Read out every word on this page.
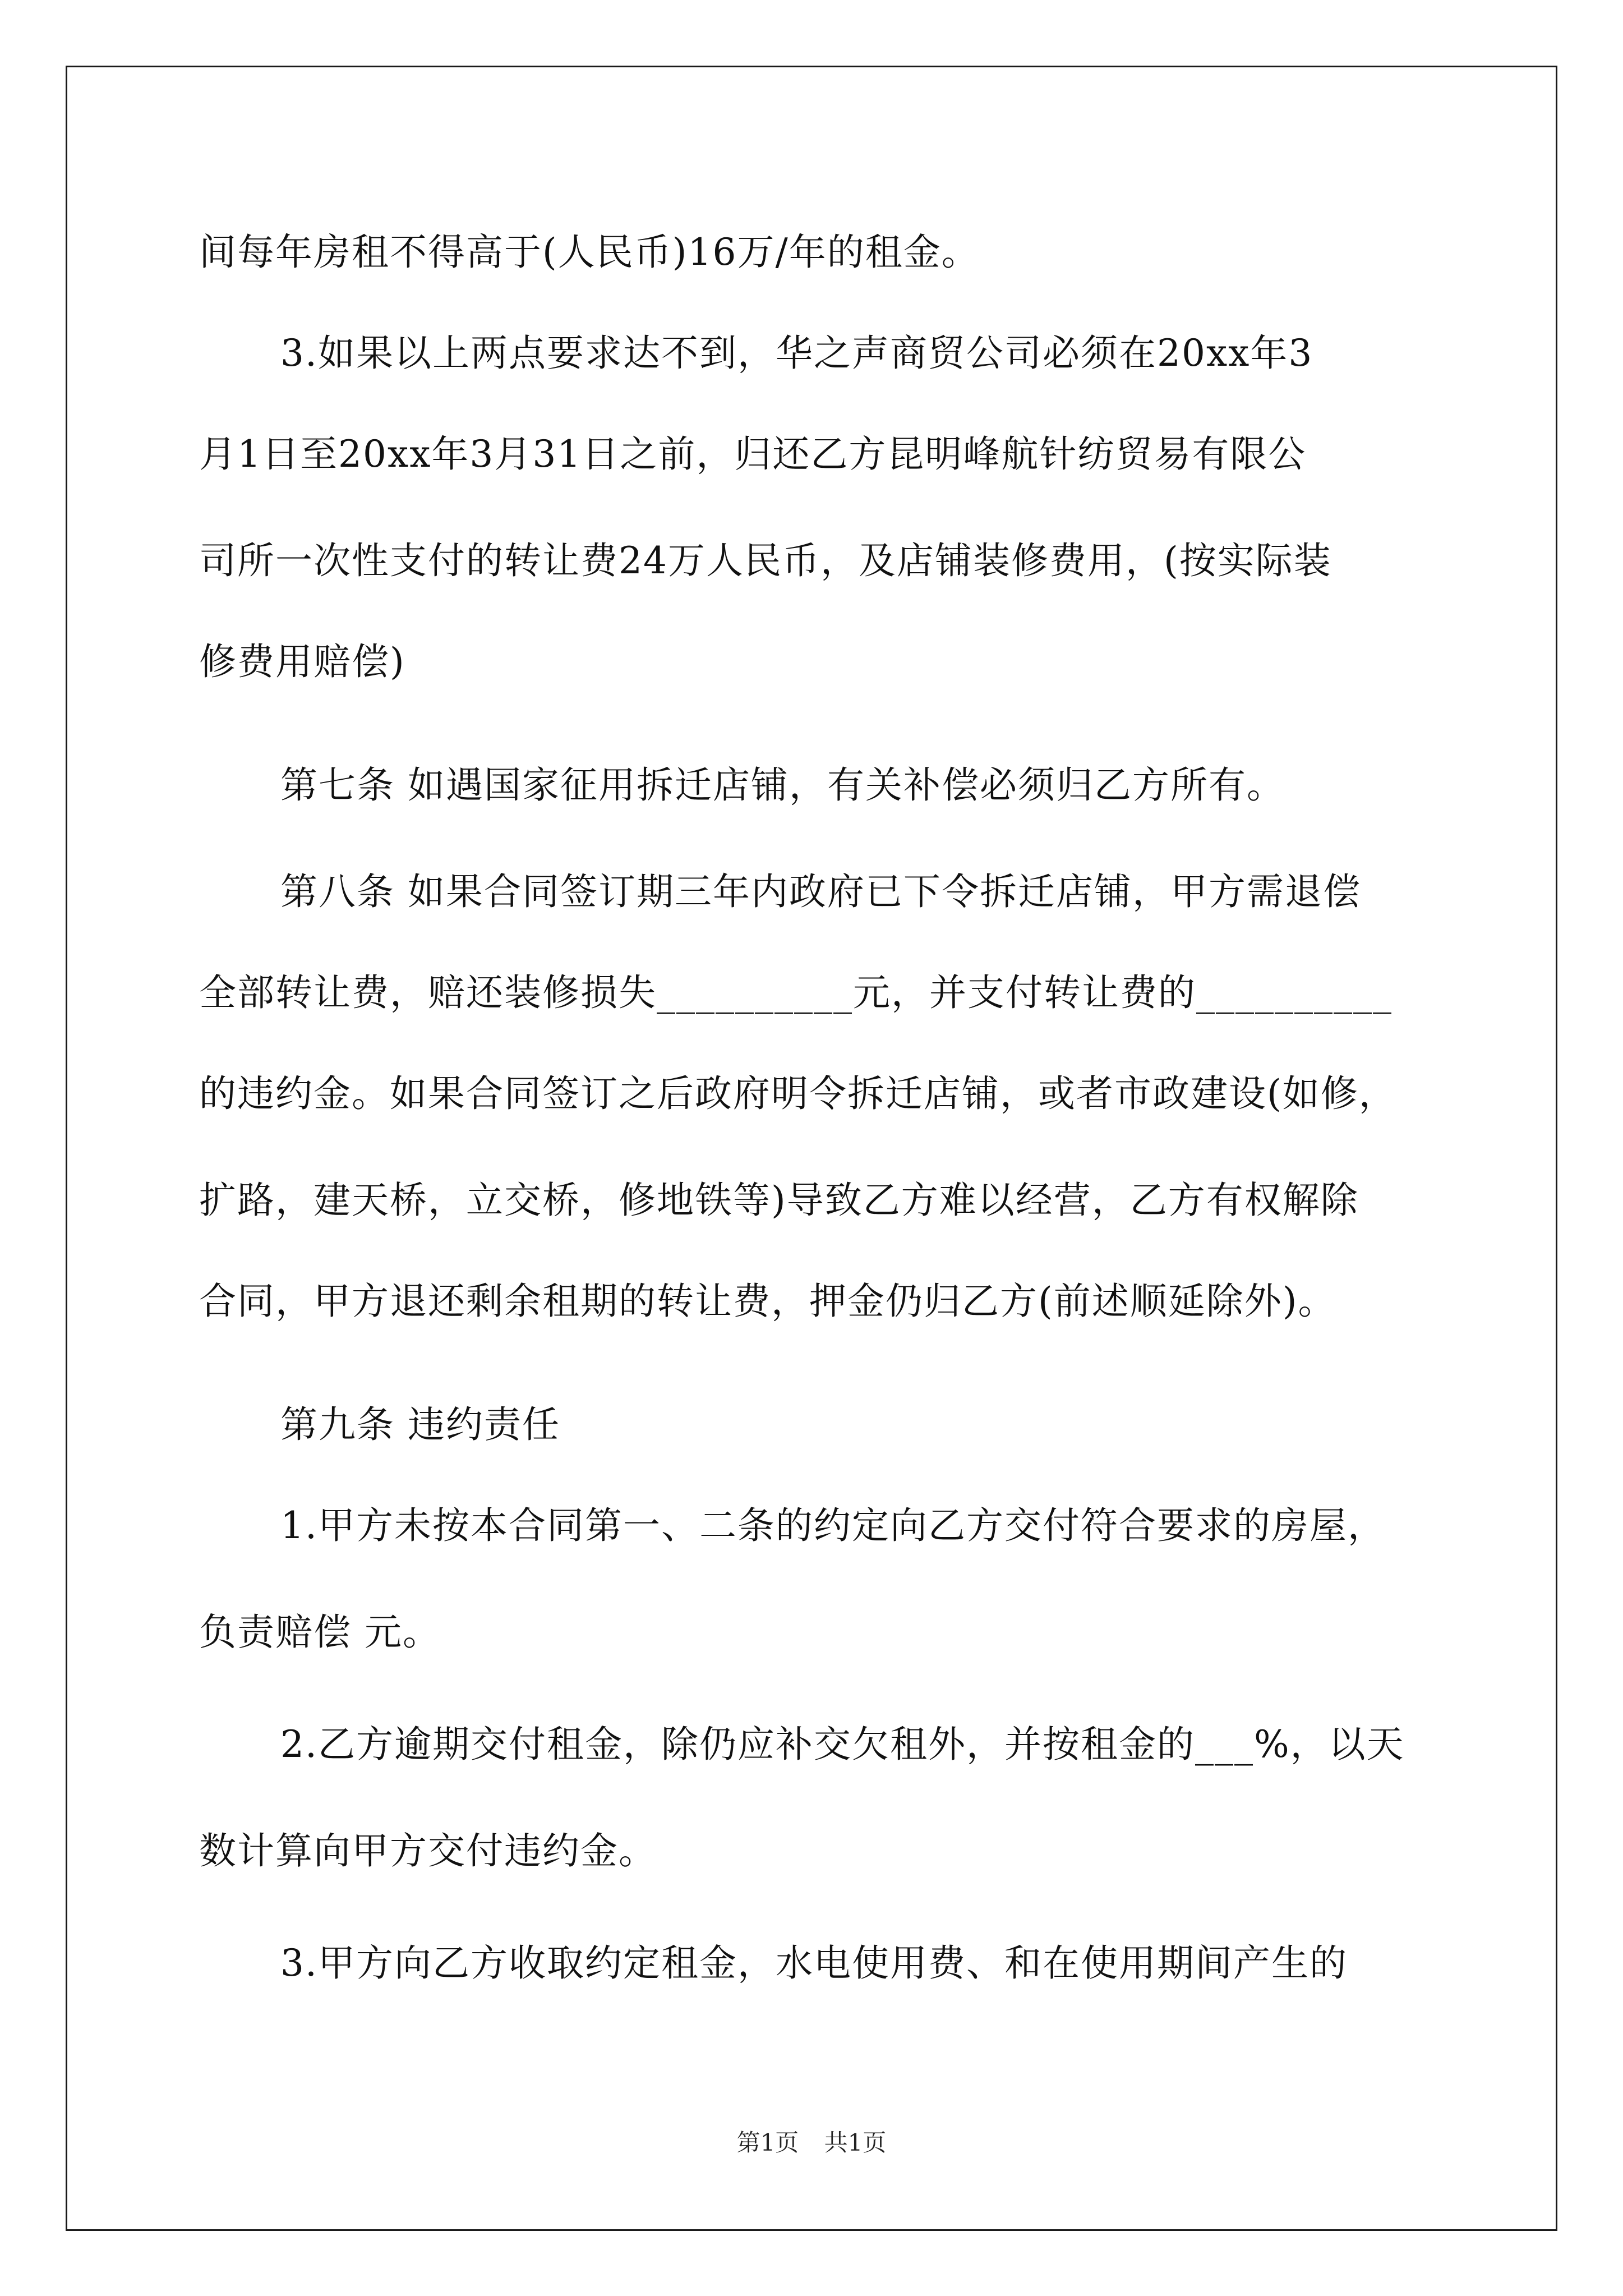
间每年房租不得高于(人民币)16万/年的租金。
3.如果以上两点要求达不到，华之声商贸公司必须在20xx年3
月1日至20xx年3月31日之前，归还乙方昆明峰航针纺贸易有限公
司所一次性支付的转让费24万人民币，及店铺装修费用，(按实际装
修费用赔偿)
第七条 如遇国家征用拆迁店铺，有关补偿必须归乙方所有。
第八条 如果合同签订期三年内政府已下令拆迁店铺，甲方需退偿
全部转让费，赔还装修损失__________元，并支付转让费的__________
的违约金。如果合同签订之后政府明令拆迁店铺，或者市政建设(如修，
扩路，建天桥，立交桥，修地铁等)导致乙方难以经营，乙方有权解除
合同，甲方退还剩余租期的转让费，押金仍归乙方(前述顺延除外)。
第九条 违约责任
1.甲方未按本合同第一、二条的约定向乙方交付符合要求的房屋，
负责赔偿 元。
2.乙方逾期交付租金，除仍应补交欠租外，并按租金的___%，以天
数计算向甲方交付违约金。
3.甲方向乙方收取约定租金，水电使用费、和在使用期间产生的
第1页 共1页
